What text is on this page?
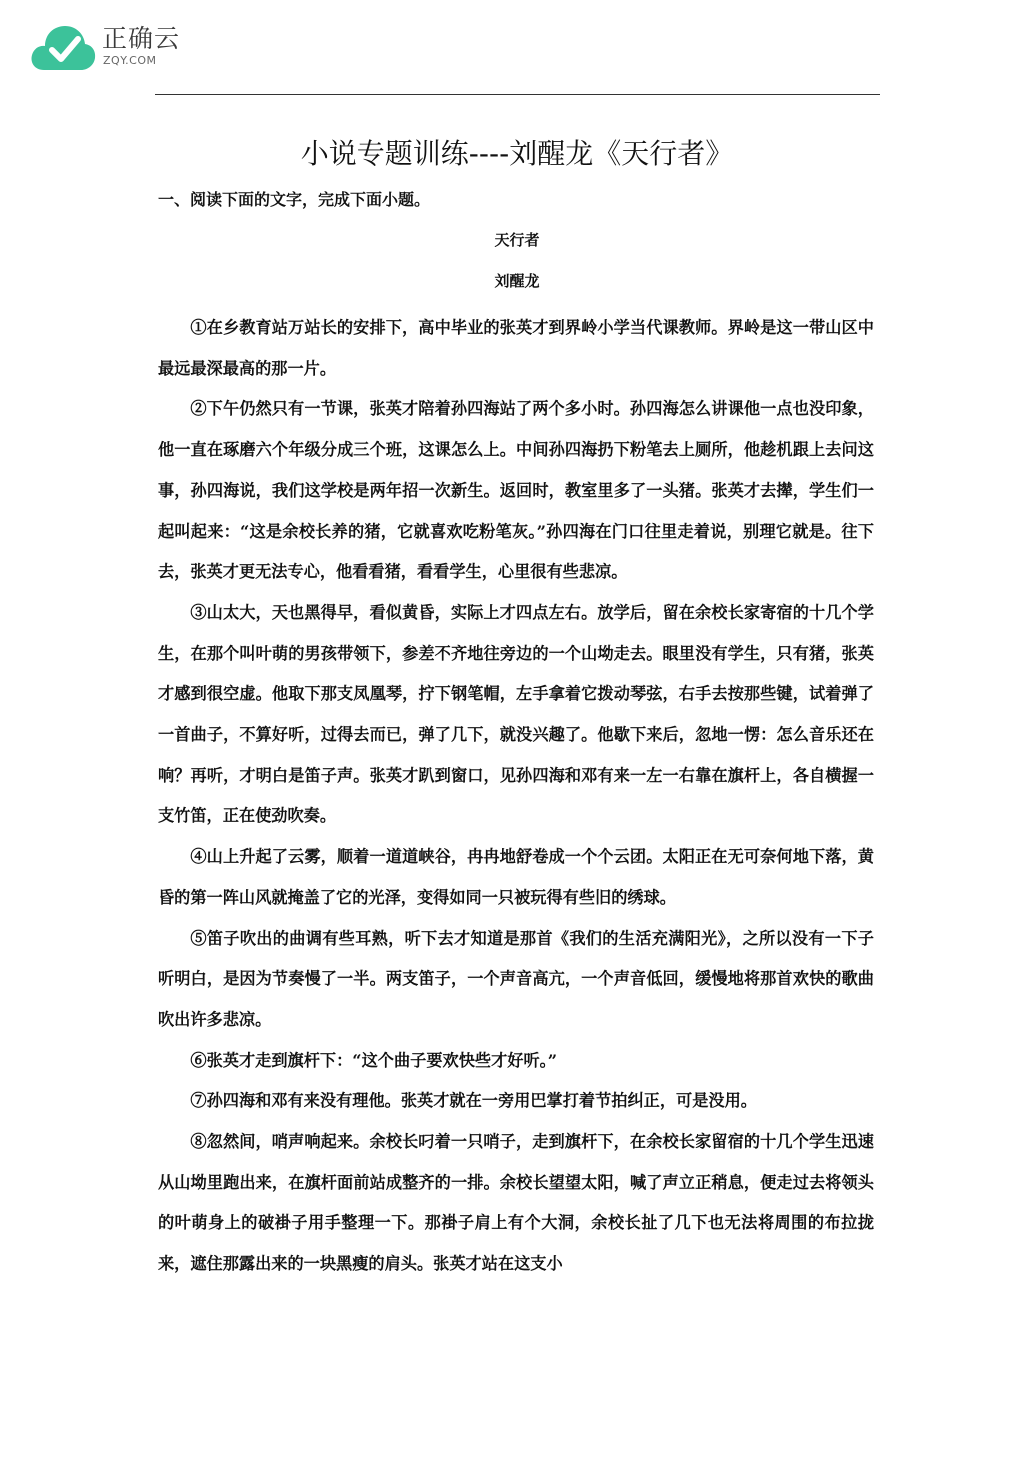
正确云
ZQY.COM
小说专题训练----刘醒龙《天行者》
一、阅读下面的文字，完成下面小题。
天行者
刘醒龙

①在乡教育站万站长的安排下，高中毕业的张英才到界岭小学当代课教师。界岭是这一带山区中最远最深最高的那一片。

②下午仍然只有一节课，张英才陪着孙四海站了两个多小时。孙四海怎么讲课他一点也没印象，他一直在琢磨六个年级分成三个班，这课怎么上。中间孙四海扔下粉笔去上厕所，他趁机跟上去问这事，孙四海说，我们这学校是两年招一次新生。返回时，教室里多了一头猪。张英才去撵，学生们一起叫起来：“这是余校长养的猪，它就喜欢吃粉笔灰。”孙四海在门口往里走着说，别理它就是。往下去，张英才更无法专心，他看看猪，看看学生，心里很有些悲凉。

③山太大，天也黑得早，看似黄昏，实际上才四点左右。放学后，留在余校长家寄宿的十几个学生，在那个叫叶萌的男孩带领下，参差不齐地往旁边的一个山坳走去。眼里没有学生，只有猪，张英才感到很空虚。他取下那支凤凰琴，拧下钢笔帽，左手拿着它拨动琴弦，右手去按那些键，试着弹了一首曲子，不算好听，过得去而已，弹了几下，就没兴趣了。他歇下来后，忽地一愣：怎么音乐还在响？再听，才明白是笛子声。张英才趴到窗口，见孙四海和邓有来一左一右靠在旗杆上，各自横握一支竹笛，正在使劲吹奏。

④山上升起了云雾，顺着一道道峡谷，冉冉地舒卷成一个个云团。太阳正在无可奈何地下落，黄昏的第一阵山风就掩盖了它的光泽，变得如同一只被玩得有些旧的绣球。

⑤笛子吹出的曲调有些耳熟，听下去才知道是那首《我们的生活充满阳光》，之所以没有一下子听明白，是因为节奏慢了一半。两支笛子，一个声音高亢，一个声音低回，缓慢地将那首欢快的歌曲吹出许多悲凉。

⑥张英才走到旗杆下：“这个曲子要欢快些才好听。”

⑦孙四海和邓有来没有理他。张英才就在一旁用巴掌打着节拍纠正，可是没用。

⑧忽然间，哨声响起来。余校长叼着一只哨子，走到旗杆下，在余校长家留宿的十几个学生迅速从山坳里跑出来，在旗杆面前站成整齐的一排。余校长望望太阳，喊了声立正稍息，便走过去将领头的叶萌身上的破褂子用手整理一下。那褂子肩上有个大洞，余校长扯了几下也无法将周围的布拉拢来，遮住那露出来的一块黑瘦的肩头。张英才站在这支小
